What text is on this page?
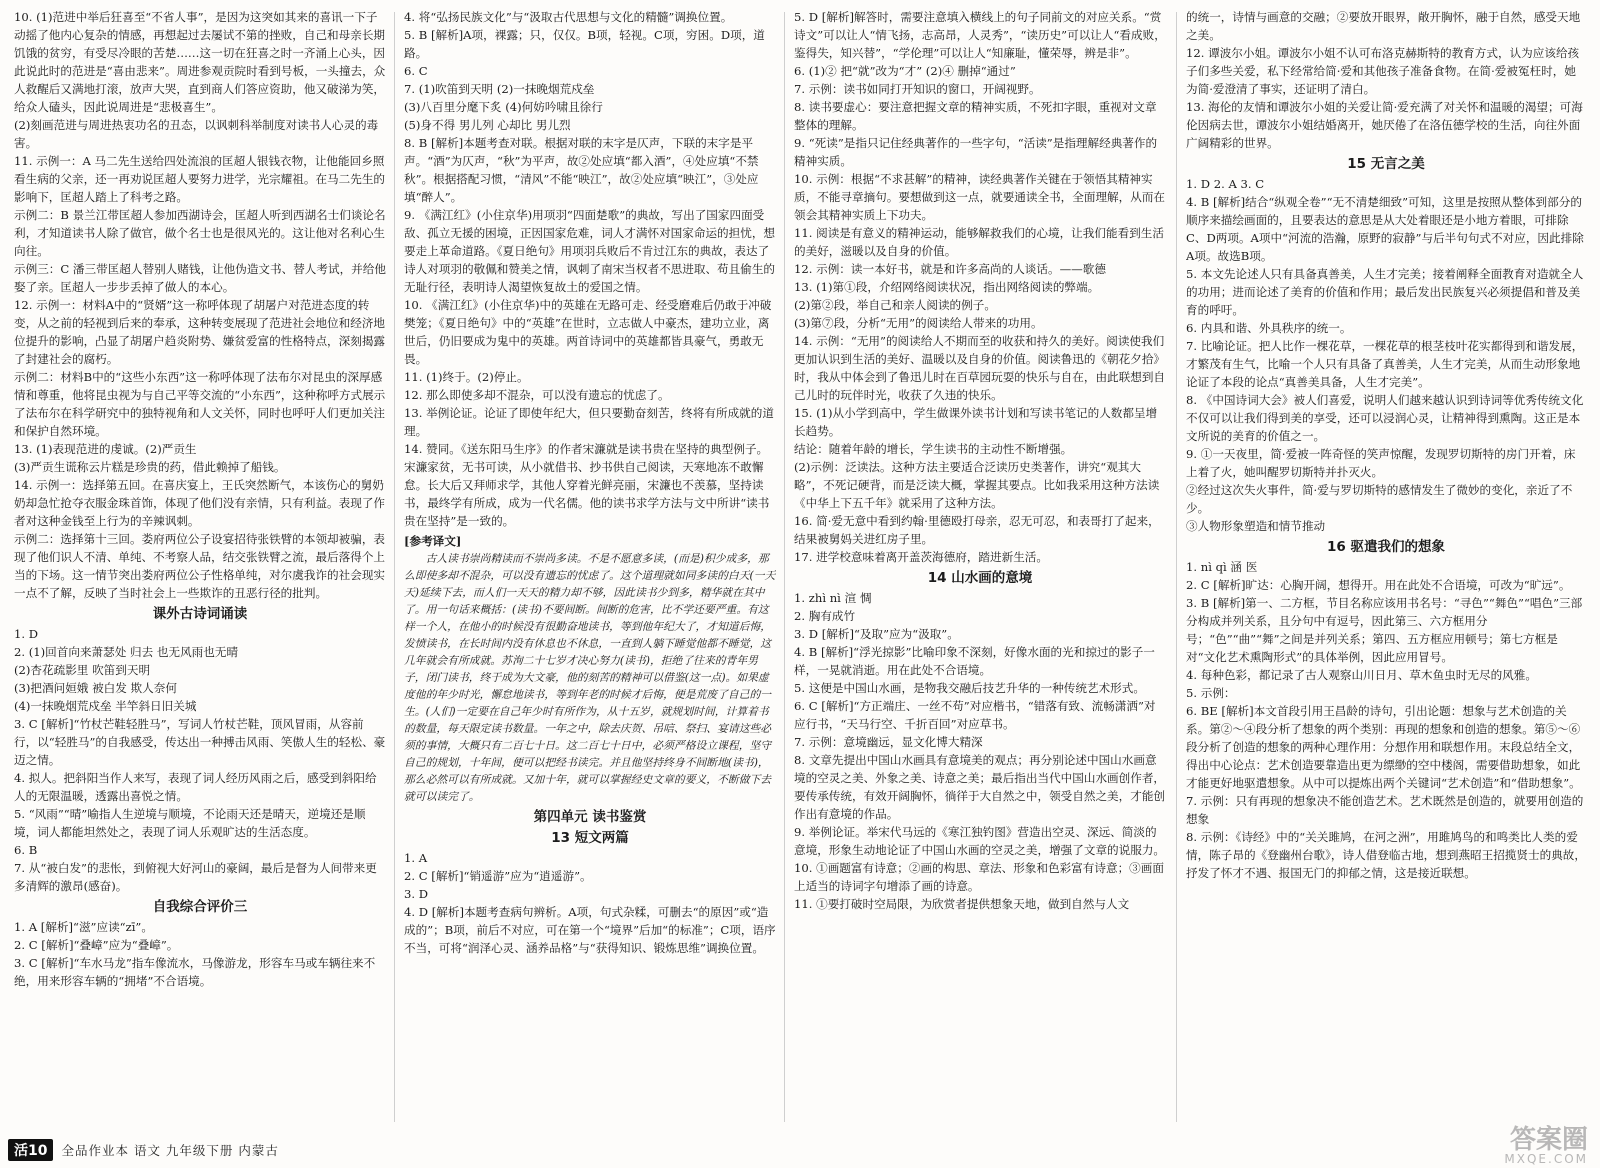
10. (1)范进中举后狂喜至“不省人事”，是因为这突如其来的喜讯一下子动摇了他内心复杂的情感，再想起过去屡试不第的挫败，自己和母亲长期饥饿的贫穷，有受尽冷眼的苦楚……这一切在狂喜之时一齐涌上心头，因此说此时的范进是“喜由悲来”。周进参观贡院时看到号板，一头撞去，众人救醒后又满地打滚，放声大哭，直到商人们答应资助，他又破涕为笑，给众人磕头，因此说周进是“悲极喜生”。

(2)刻画范进与周进热衷功名的丑态，以讽刺科举制度对读书人心灵的毒害。

11. 示例一：A 马二先生送给四处流浪的匡超人银钱衣物，让他能回乡照看生病的父亲，还一再劝说匡超人要努力进学，光宗耀祖。在马二先生的影响下，匡超人踏上了科考之路。

示例二：B 景兰江带匡超人参加西湖诗会，匡超人听到西湖名士们谈论名利，才知道读书人除了做官，做个名士也是很风光的。这让他对名利心生向往。

示例三：C 潘三带匡超人替别人赌钱，让他伪造文书、替人考试，并给他娶了亲。匡超人一步步丢掉了做人的本心。

12. 示例一：材料A中的“贤婿”这一称呼体现了胡屠户对范进态度的转变，从之前的轻视到后来的奉承，这种转变展现了范进社会地位和经济地位提升的影响，凸显了胡屠户趋炎附势、嫌贫爱富的性格特点，深刻揭露了封建社会的腐朽。

示例二：材料B中的“这些小东西”这一称呼体现了法布尔对昆虫的深厚感情和尊重，他将昆虫视为与自己平等交流的“小东西”，这种称呼方式展示了法布尔在科学研究中的独特视角和人文关怀，同时也呼吁人们更加关注和保护自然环境。

13. (1)表现范进的虔诚。(2)严贡生

(3)严贡生谎称云片糕是珍贵的药，借此赖掉了船钱。

14. 示例一：选择第五回。在喜庆宴上，王氏突然断气，本该伤心的舅奶奶却急忙抢夺衣服金珠首饰，体现了他们没有亲情，只有利益。表现了作者对这种金钱至上行为的辛辣讽刺。

示例二：选择第十三回。娄府两位公子设宴招待张铁臂的本领却被骗，表现了他们识人不清、单纯、不考察人品，结交张铁臂之流，最后落得个上当的下场。这一情节突出娄府两位公子性格单纯，对尔虞我诈的社会现实一点不了解，反映了当时社会上一些欺诈的丑恶行径的批判。

课外古诗词诵读

1. D

2. (1)回首向来萧瑟处 归去 也无风雨也无晴

(2)杏花疏影里 吹笛到天明

(3)把酒问姮娥 被白发 欺人奈何

(4)一抹晚烟荒戍垒 半竿斜日旧关城

3. C [解析]“竹杖芒鞋轻胜马”，写词人竹杖芒鞋，顶风冒雨，从容前行，以“轻胜马”的自我感受，传达出一种搏击风雨、笑傲人生的轻松、豪迈之情。

4. 拟人。把斜阳当作人来写，表现了词人经历风雨之后，感受到斜阳给人的无限温暖，透露出喜悦之情。

5. “风雨”“晴”喻指人生逆境与顺境，不论雨天还是晴天，逆境还是顺境，词人都能坦然处之，表现了词人乐观旷达的生活态度。

6. B

7. 从“被白发”的悲怅，到俯视大好河山的豪阔，最后是督为人间带来更多清辉的激昂(感奋)。

自我综合评价三

1. A [解析]“滋”应读“zī”。

2. C [解析]“叠嶂”应为“叠嶂”。

3. C [解析]“车水马龙”指车像流水，马像游龙，形容车马或车辆往来不绝，用来形容车辆的“拥堵”不合语境。

4. 将“弘扬民族文化”与“汲取古代思想与文化的精髓”调换位置。

5. B [解析]A项，裸露；只，仅仅。B项，轻视。C项，穷困。D项，道路。

6. C

7. (1)吹笛到天明 (2)一抹晚烟荒戍垒

(3)八百里分麾下炙 (4)何妨吟啸且徐行

(5)身不得 男儿列 心却比 男儿烈

8. B [解析]本题考查对联。根据对联的末字是仄声，下联的末字是平声。“酒”为仄声，“秋”为平声，故②处应填“都入酒”，④处应填“不禁秋”。根据搭配习惯，“清风”不能“映江”，故②处应填“映江”，③处应填“醉人”。

9. 《满江红》(小住京华)用项羽“四面楚歌”的典故，写出了国家四面受敌、孤立无援的困境，正因国家危难，词人才满怀对国家命运的担忧，想要走上革命道路。《夏日绝句》用项羽兵败后不肯过江东的典故，表达了诗人对项羽的敬佩和赞美之情，讽刺了南宋当权者不思进取、苟且偷生的无耻行径，表明诗人渴望恢复故土的爱国之情。

10. 《满江红》(小住京华)中的英雄在无路可走、经受磨难后仍敢于冲破樊笼；《夏日绝句》中的“英雄”在世时，立志做人中豪杰，建功立业，离世后，仍旧要成为鬼中的英雄。两首诗词中的英雄都皆具豪气，勇敢无畏。

11. (1)终于。(2)停止。

12. 那么即使多却不混杂，可以没有遗忘的忧虑了。

13. 举例论证。论证了即使年纪大，但只要勤奋刻苦，终将有所成就的道理。

14. 赞同。《送东阳马生序》的作者宋濂就是读书贵在坚持的典型例子。宋濂家贫，无书可读，从小就借书、抄书供自己阅读，天寒地冻不敢懈怠。长大后又拜师求学，其他人穿着光鲜亮丽，宋濂也不羡慕，坚持读书，最终学有所成，成为一代名儒。他的读书求学方法与文中所讲“读书贵在坚持”是一致的。

[参考译文]

古人读书崇尚精读而不崇尚多读。不是不愿意多读，(而是)积少成多，那么即使多却不混杂，可以没有遗忘的忧虑了。这个道理就如同多读的白天(一天天)延续下去，而人们一天天的精力却不够，因此读书少到多，精华就在其中了。用一句话来概括：(读书)不要间断。间断的危害，比不学还要严重。有这样一个人，在他小的时候没有很勤奋地读书，等到他年纪大了，才知道后悔，发愤读书，在长时间内没有休息也不休息，一直到人躺下睡觉他都不睡觉，这几年就会有所成就。苏洵二十七岁才决心努力(读书)，拒绝了往来的青年男子，闭门读书，终于成为大文豪，他的刻苦的精神可以借鉴(这一点)。如果虚度他的年少时光，懈怠地读书，等到年老的时候才后悔，便是荒废了自己的一生。(人们)一定要在自己年少时有所作为，从十五岁，就规划时间，计算着书的数量，每天限定读书数量。一年之中，除去庆贺、吊唁、祭扫、宴请这些必须的事情，大概只有二百七十日。这二百七十日中，必须严格设立课程，坚守自己的规划，十年间，便可以把经书读完。并且他坚持终身不间断地(读书)，那么必然可以有所成就。又加十年，就可以掌握经史文章的要义，不断做下去就可以读完了。

第四单元 读书鉴赏

13 短文两篇

1. A

2. C [解析]“销遥游”应为“逍遥游”。

3. D

4. D [解析]本题考查病句辨析。A项，句式杂糅，可删去“的原因”或“造成的”；B项，前后不对应，可在第一个“境界”后加“的标准”；C项，语序不当，可将“润泽心灵、涵养品格”与“获得知识、锻炼思维”调换位置。

5. D [解析]解答时，需要注意填入横线上的句子同前文的对应关系。“赏诗文”可以让人“情飞扬，志高昂，人灵秀”，“读历史”可以让人“看成败，鉴得失，知兴替”，“学伦理”可以让人“知廉耻，懂荣辱，辨是非”。

6. (1)② 把“就”改为“才” (2)④ 删掉“通过”

7. 示例：读书如同打开知识的窗口，开阔视野。

8. 读书要虚心：要注意把握文章的精神实质，不死扣字眼，重视对文章整体的理解。

9. “死读”是指只记住经典著作的一些字句，“活读”是指理解经典著作的精神实质。

10. 示例：根据“不求甚解”的精神，读经典著作关键在于领悟其精神实质，不能寻章摘句。要想做到这一点，就要通读全书，全面理解，从而在领会其精神实质上下功夫。

11. 阅读是有意义的精神运动，能够解救我们的心境，让我们能看到生活的美好，滋暖以及自身的价值。

12. 示例：读一本好书，就是和许多高尚的人谈话。——歌德

13. (1)第①段，介绍网络阅读状况，指出网络阅读的弊端。

(2)第②段，举自己和亲人阅读的例子。

(3)第⑦段，分析“无用”的阅读给人带来的功用。

14. 示例：“无用”的阅读给人不期而至的收获和持久的美好。阅读使我们更加认识到生活的美好、温暖以及自身的价值。阅读鲁迅的《朝花夕拾》时，我从中体会到了鲁迅儿时在百草园玩耍的快乐与自在，由此联想到自己儿时的玩伴时光，收获了久违的快乐。

15. (1)从小学到高中，学生做课外读书计划和写读书笔记的人数都呈增长趋势。

结论：随着年龄的增长，学生读书的主动性不断增强。

(2)示例：泛读法。这种方法主要适合泛读历史类著作，讲究“观其大略”，不死记硬背，而是泛读大概，掌握其要点。比如我采用这种方法读《中华上下五千年》就采用了这种方法。

16. 简·爱无意中看到约翰·里德殴打母亲，忍无可忍，和表哥打了起来，结果被舅妈关进红房子里。

17. 进学校意味着离开盖茨海德府，踏进新生活。

14 山水画的意境

1. zhì nì 渲 惆

2. 胸有成竹

3. D [解析]“及取”应为“汲取”。

4. B [解析]“浮光掠影”比喻印象不深刻，好像水面的光和掠过的影子一样，一晃就消逝。用在此处不合语境。

5. 这便是中国山水画，是物我交融后技艺升华的一种传统艺术形式。

6. C [解析]“方正端庄、一丝不苟”对应楷书，“错落有致、流畅潇洒”对应行书，“天马行空、千折百回”对应草书。

7. 示例：意境幽远，显文化博大精深

8. 文章先提出中国山水画具有意境美的观点；再分别论述中国山水画意境的空灵之美、外象之美、诗意之美；最后指出当代中国山水画创作者，要传承传统，有效开阔胸怀，徜徉于大自然之中，领受自然之美，才能创作出有意境的作品。

9. 举例论证。举宋代马远的《寒江独钓图》营造出空灵、深远、简淡的意境，形象生动地论证了中国山水画的空灵之美，增强了文章的说服力。

10. ①画题富有诗意；②画的构思、章法、形象和色彩富有诗意；③画面上适当的诗词字句增添了画的诗意。

11. ①要打破时空局限，为欣赏者提供想象天地，做到自然与人文

的统一，诗情与画意的交融；②要放开眼界，敞开胸怀，融于自然，感受天地之美。

12. 谭波尔小姐。谭波尔小姐不认可布洛克赫斯特的教育方式，认为应该给孩子们多些关爱，私下经常给简·爱和其他孩子准备食物。在简·爱被冤枉时，她为简·爱澄清了事实，还证明了清白。

13. 海伦的友情和谭波尔小姐的关爱让简·爱充满了对关怀和温暖的渴望；可海伦因病去世，谭波尔小姐结婚离开，她厌倦了在洛伍德学校的生活，向往外面广阔精彩的世界。

15 无言之美

1. D 2. A 3. C

4. B [解析]结合“纵观全卷”“无不清楚细致”可知，这里是按照从整体到部分的顺序来描绘画面的，且要表达的意思是从大处着眼还是小地方着眼，可排除C、D两项。A项中“河流的浩瀚，原野的寂静”与后半句句式不对应，因此排除A项。故选B项。

5. 本文先论述人只有具备真善美，人生才完美；接着阐释全面教育对造就全人的功用；进而论述了美育的价值和作用；最后发出民族复兴必须提倡和普及美育的呼吁。

6. 内具和谐、外具秩序的统一。

7. 比喻论证。把人比作一棵花草，一棵花草的根茎枝叶花实都得到和谐发展，才繁茂有生气，比喻一个人只有具备了真善美，人生才完美，从而生动形象地论证了本段的论点“真善美具备，人生才完美”。

8. 《中国诗词大会》被人们喜爱，说明人们越来越认识到诗词等优秀传统文化不仅可以让我们得到美的享受，还可以浸润心灵，让精神得到熏陶。这正是本文所说的美育的价值之一。

9. ①一天夜里，简·爱被一阵奇怪的笑声惊醒，发现罗切斯特的房门开着，床上着了火，她叫醒罗切斯特并扑灭火。

②经过这次失火事件，简·爱与罗切斯特的感情发生了微妙的变化，亲近了不少。

③人物形象塑造和情节推动

16 驱遣我们的想象

1. nì qì 涵 医

2. C [解析]旷达：心胸开阔，想得开。用在此处不合语境，可改为“旷远”。

3. B [解析]第一、二方框，节目名称应该用书名号：“寻色”“舞色”“唱色”三部分构成并列关系，且分句中有逗号，因此第三、六方框用分号；“色”“曲”“舞”之间是并列关系；第四、五方框应用顿号；第七方框是对“文化艺术熏陶形式”的具体举例，因此应用冒号。

4. 每种色彩，都记录了古人观察山川日月、草木鱼虫时无尽的风雅。

5. 示例：

6. BE [解析]本文首段引用王昌龄的诗句，引出论题：想象与艺术创造的关系。第②～④段分析了想象的两个类别：再现的想象和创造的想象。第⑤～⑥段分析了创造的想象的两种心理作用：分想作用和联想作用。末段总结全文，得出中心论点：艺术创造要靠造出更为缥缈的空中楼阁，需要借助想象，如此才能更好地驱遣想象。从中可以提炼出两个关键词“艺术创造”和“借助想象”。

7. 示例：只有再现的想象决不能创造艺术。艺术既然是创造的，就要用创造的想象

8. 示例：《诗经》中的“关关雎鸠，在河之洲”，用雎鸠鸟的和鸣类比人类的爱情，陈子昂的《登幽州台歌》，诗人借登临古地，想到燕昭王招揽贤士的典故，抒发了怀才不遇、报国无门的抑郁之情，这是接近联想。

活10	全品作业本 语文 九年级下册 内蒙古	答案圈
MXQE.COM
